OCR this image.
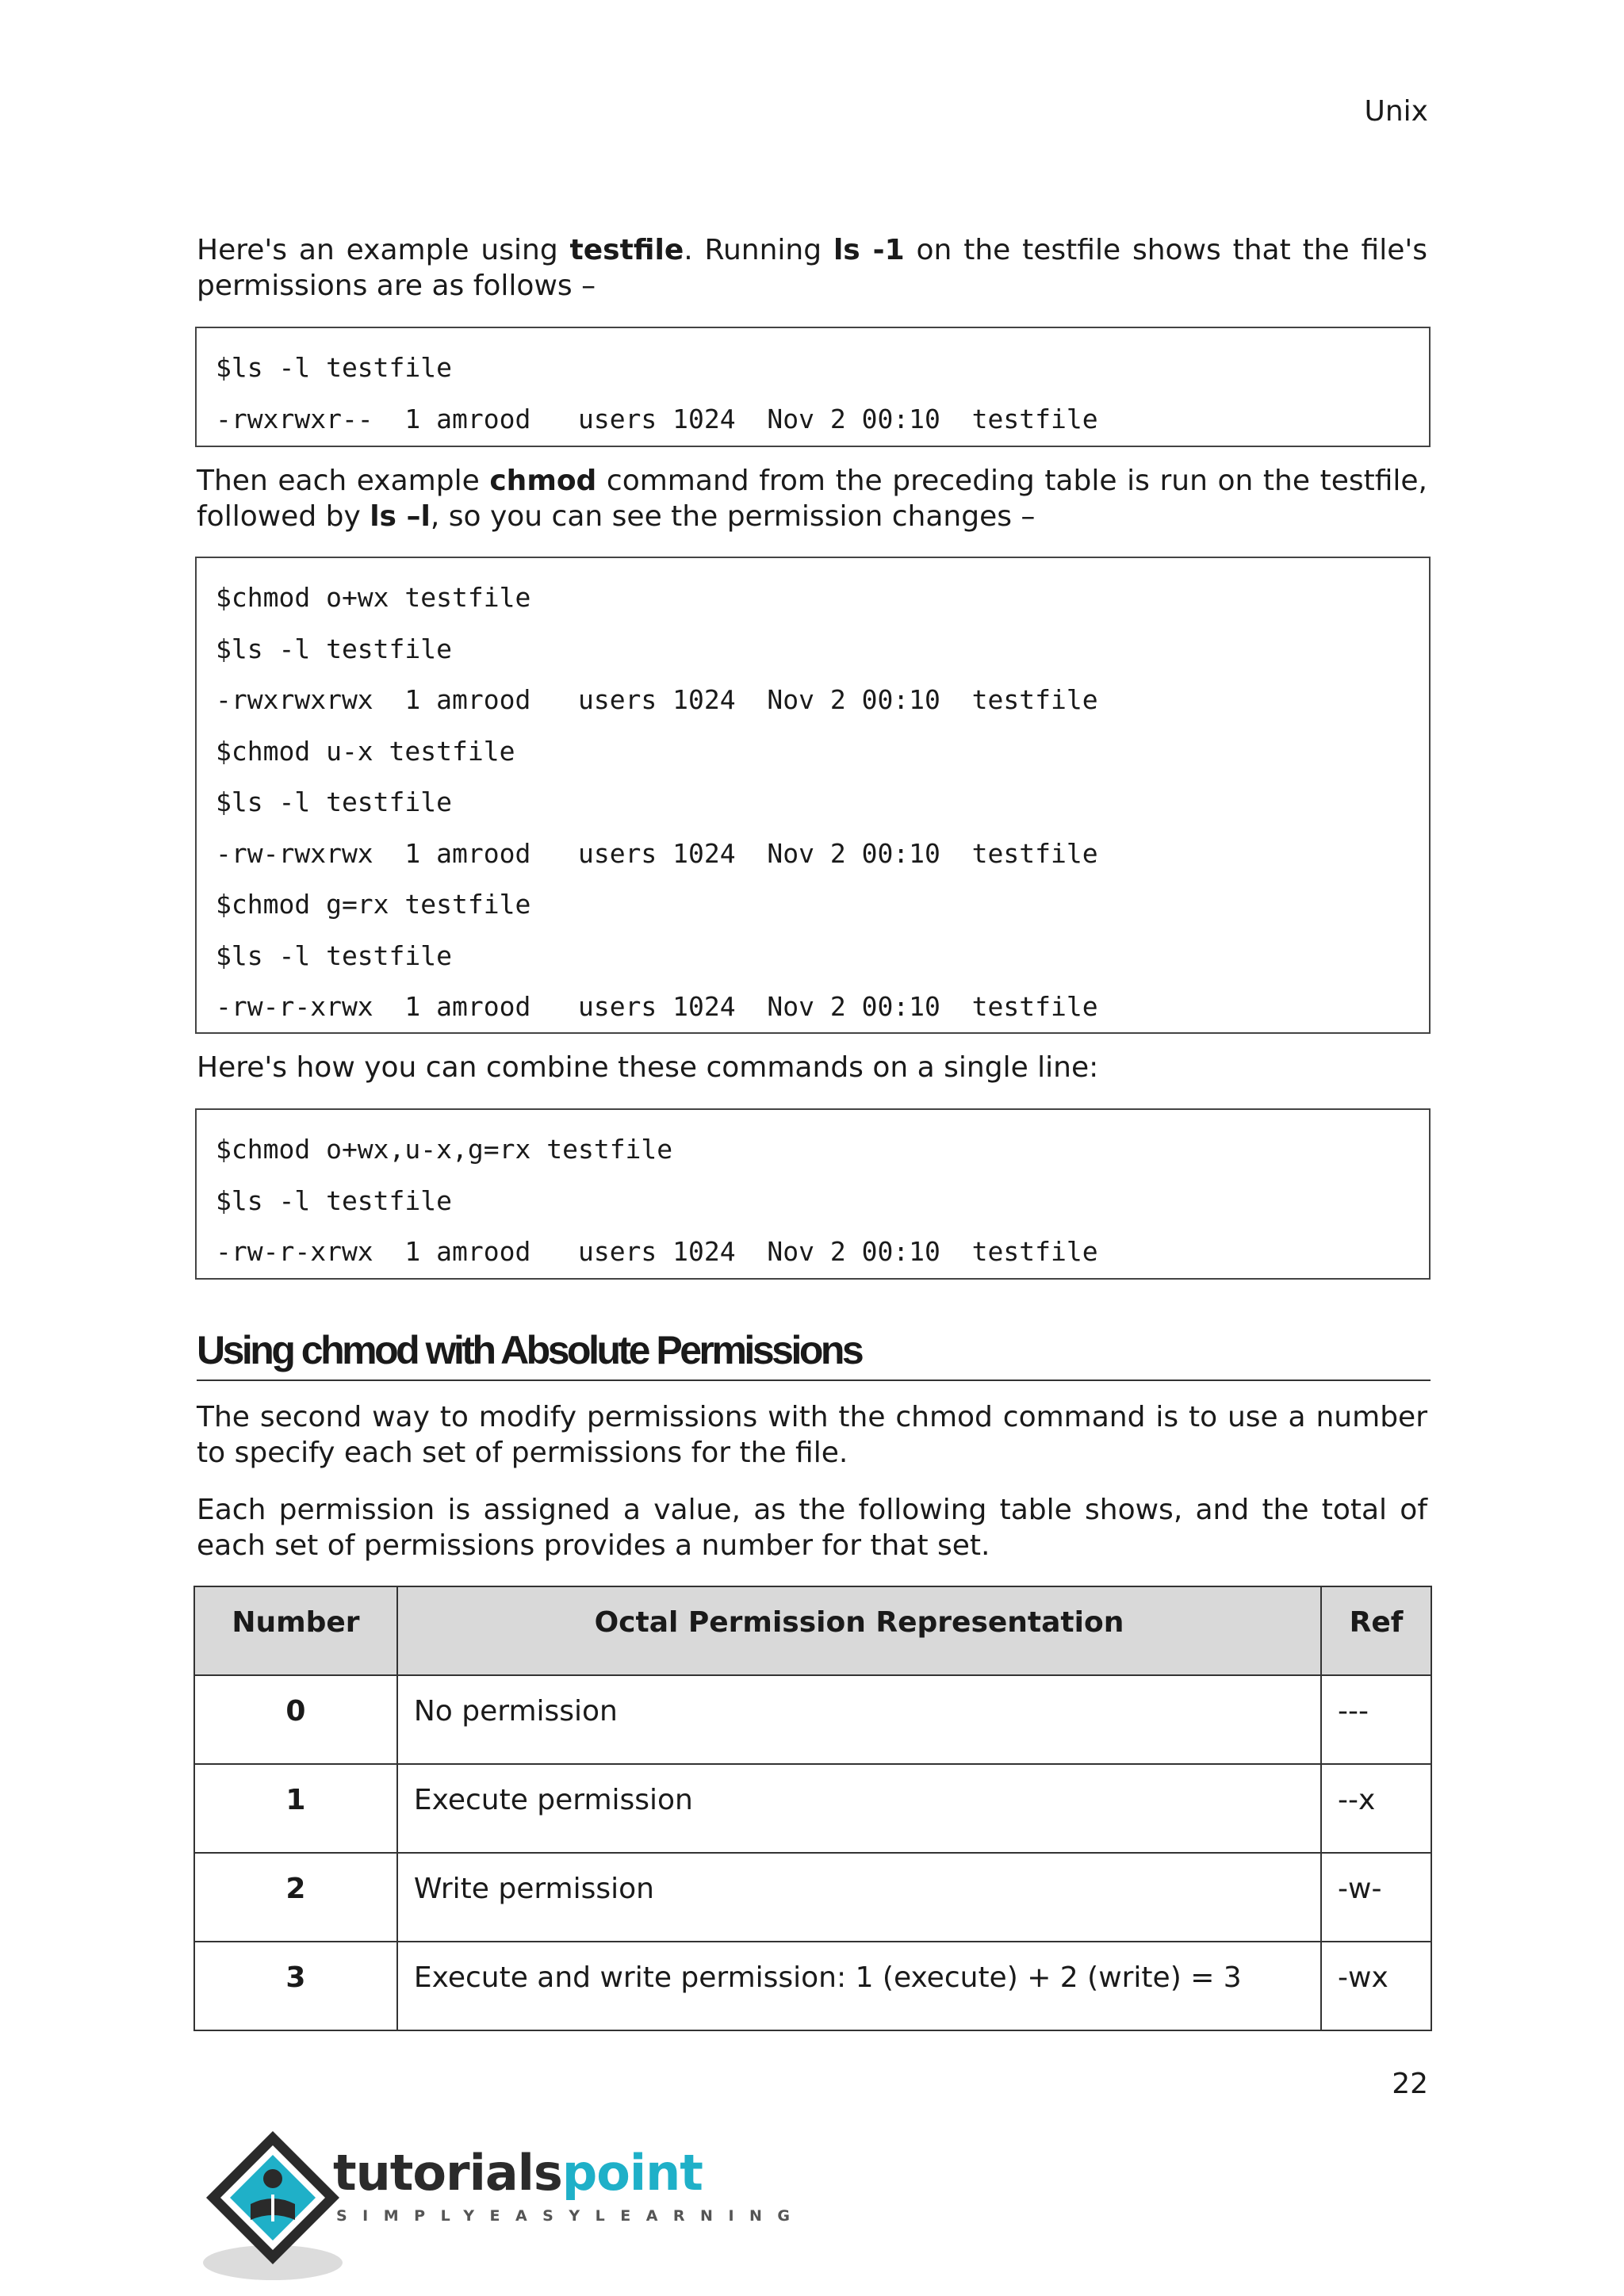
Unix
Here's an example using testfile. Running ls -1 on the testfile shows that the file's permissions are as follows –
$ls -l testfile
-rwxrwxr--  1 amrood   users 1024  Nov 2 00:10  testfile
Then each example chmod command from the preceding table is run on the testfile, followed by ls –l, so you can see the permission changes –
$chmod o+wx testfile
$ls -l testfile
-rwxrwxrwx  1 amrood   users 1024  Nov 2 00:10  testfile
$chmod u-x testfile
$ls -l testfile
-rw-rwxrwx  1 amrood   users 1024  Nov 2 00:10  testfile
$chmod g=rx testfile
$ls -l testfile
-rw-r-xrwx  1 amrood   users 1024  Nov 2 00:10  testfile
Here's how you can combine these commands on a single line:
$chmod o+wx,u-x,g=rx testfile
$ls -l testfile
-rw-r-xrwx  1 amrood   users 1024  Nov 2 00:10  testfile
Using chmod with Absolute Permissions
The second way to modify permissions with the chmod command is to use a number to specify each set of permissions for the file.
Each permission is assigned a value, as the following table shows, and the total of each set of permissions provides a number for that set.
Number	Octal Permission Representation	Ref
0	No permission	---
1	Execute permission	--x
2	Write permission	-w-
3	Execute and write permission: 1 (execute) + 2 (write) = 3	-wx
22
tutorialspoint
SIMPLYEASYLEARNING
